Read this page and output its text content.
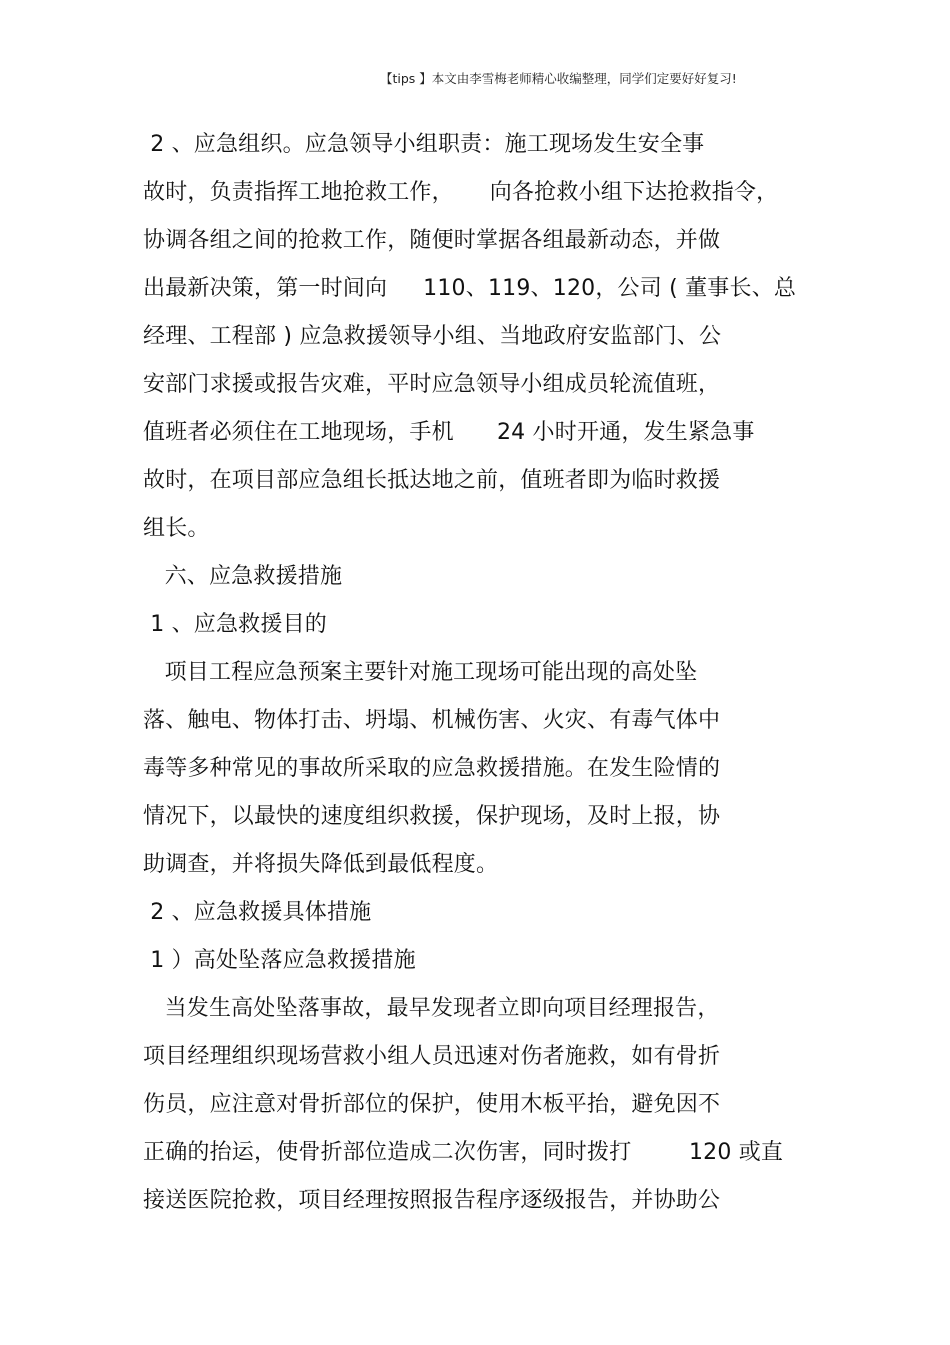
【tips 】本文由李雪梅老师精心收编整理，同学们定要好好复习!
2 、应急组织。应急领导小组职责：施工现场发生安全事
故时，负责指挥工地抢救工作，     向各抢救小组下达抢救指令，
协调各组之间的抢救工作，随便时掌据各组最新动态，并做
出最新决策，第一时间向     110、119、120，公司 ( 董事长、总
经理、工程部 ) 应急救援领导小组、当地政府安监部门、公
安部门求援或报告灾难，平时应急领导小组成员轮流值班，
值班者必须住在工地现场，手机      24 小时开通，发生紧急事
故时，在项目部应急组长抵达地之前，值班者即为临时救援
组长。
六、应急救援措施
1 、应急救援目的
项目工程应急预案主要针对施工现场可能出现的高处坠
落、触电、物体打击、坍塌、机械伤害、火灾、有毒气体中
毒等多种常见的事故所采取的应急救援措施。在发生险情的
情况下，以最快的速度组织救援，保护现场，及时上报，协
助调查，并将损失降低到最低程度。
2 、应急救援具体措施
1 ）高处坠落应急救援措施
当发生高处坠落事故，最早发现者立即向项目经理报告，
项目经理组织现场营救小组人员迅速对伤者施救，如有骨折
伤员，应注意对骨折部位的保护，使用木板平抬，避免因不
正确的抬运，使骨折部位造成二次伤害，同时拨打        120 或直
接送医院抢救，项目经理按照报告程序逐级报告，并协助公
